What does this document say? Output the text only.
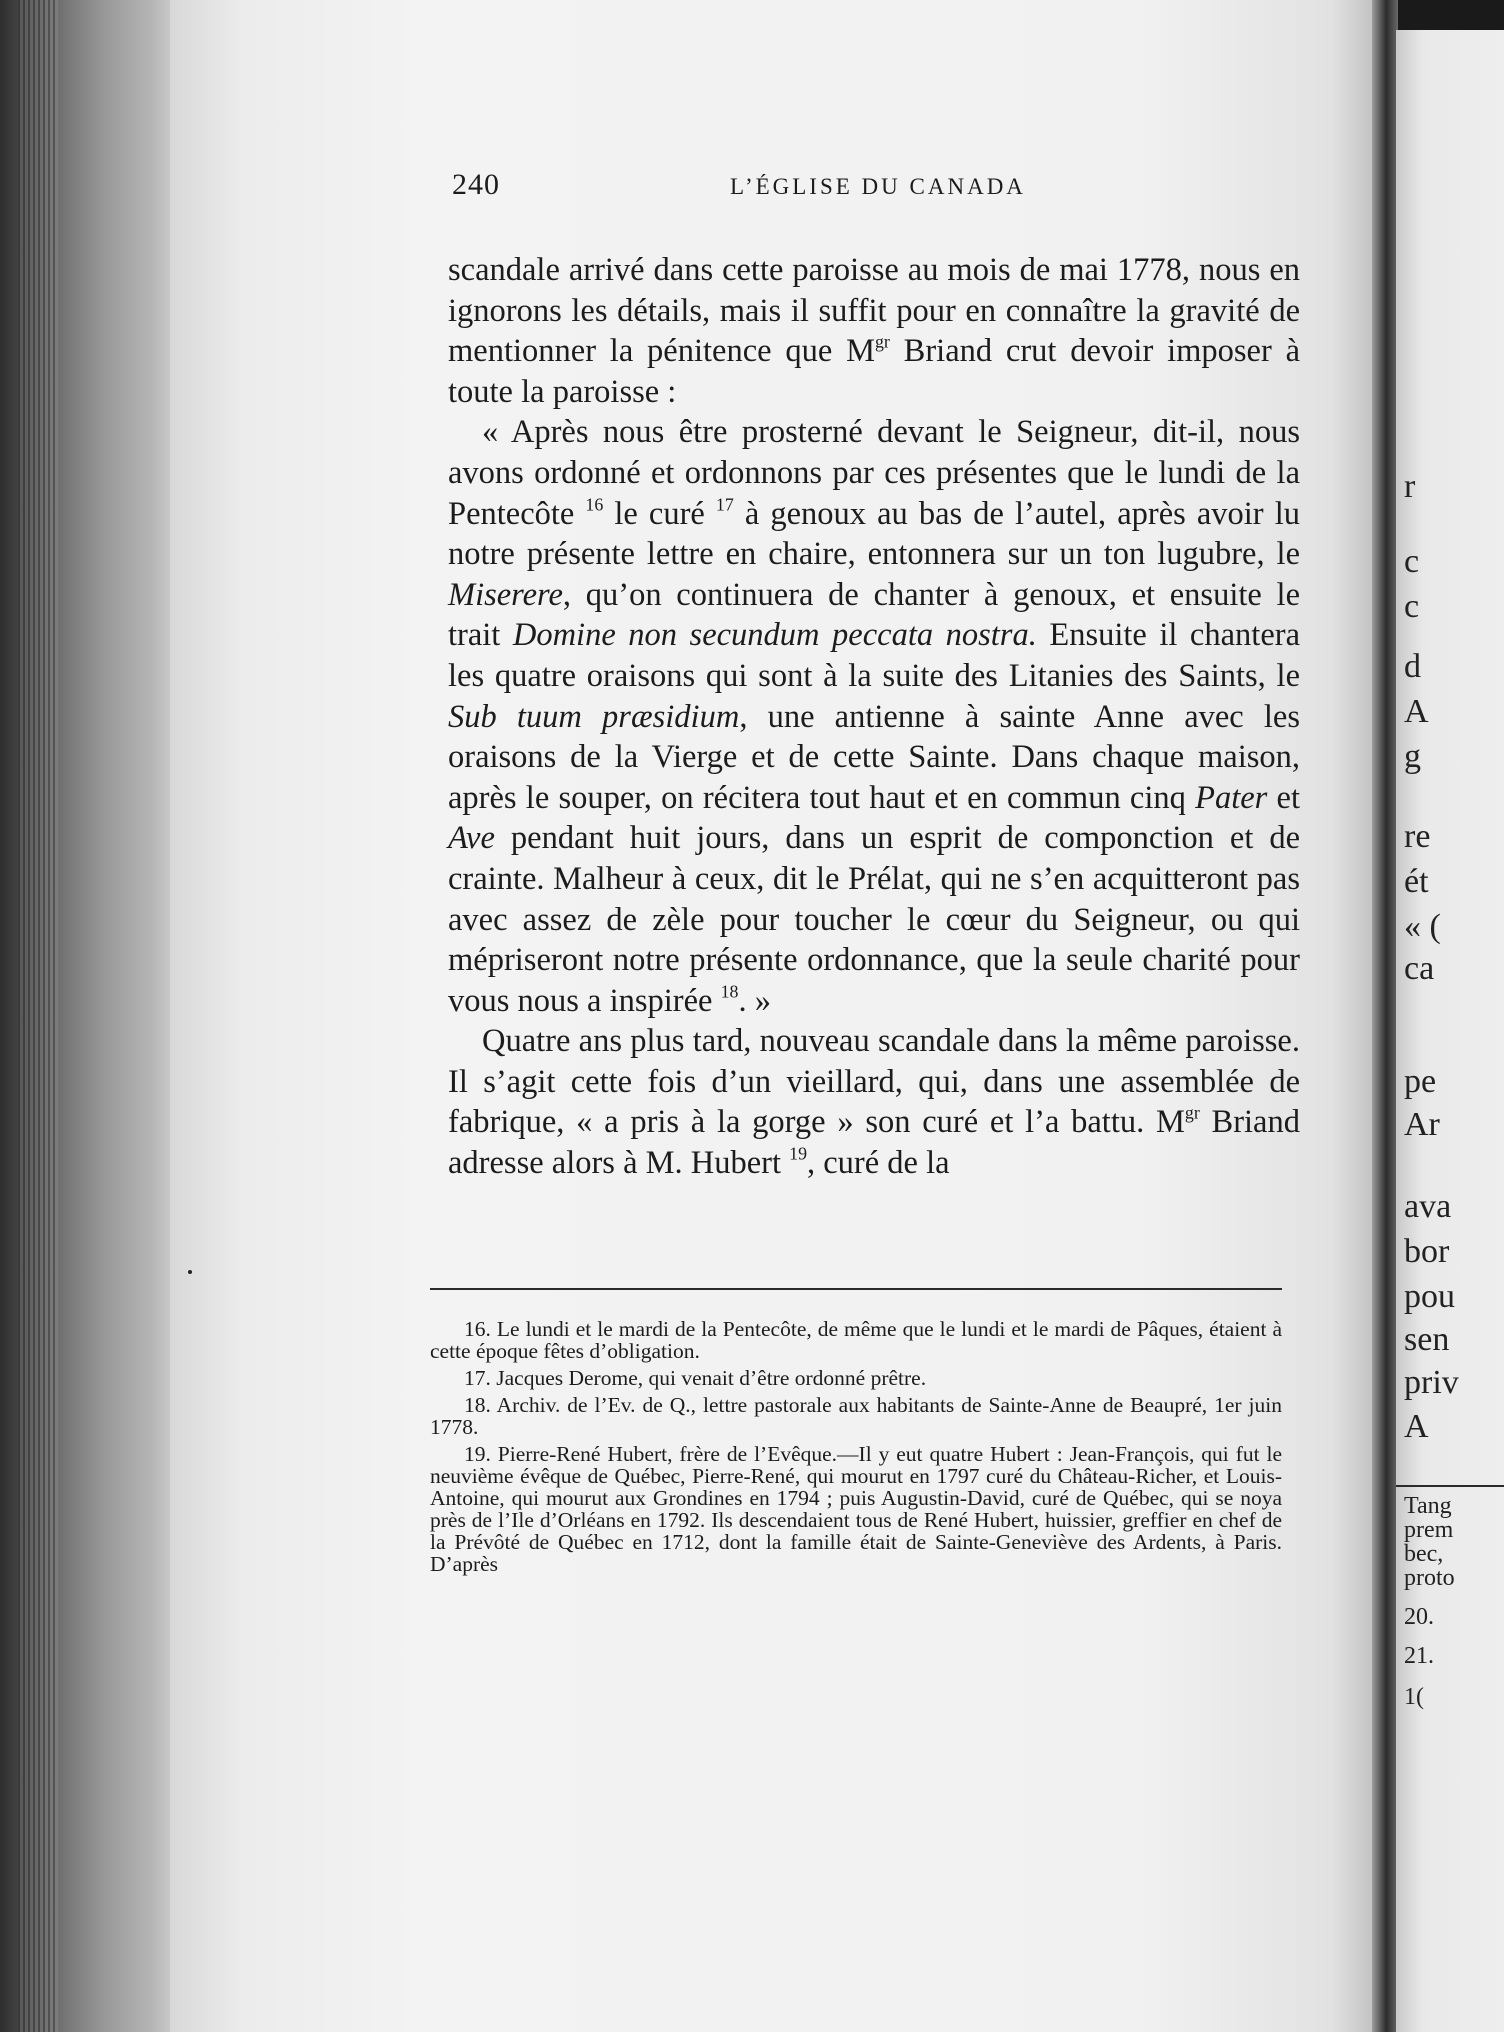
240	L’ÉGLISE DU CANADA

scandale arrivé dans cette paroisse au mois de mai 1778, nous en ignorons les détails, mais il suffit pour en connaître la gravité de mentionner la pénitence que $M^{gr}$ Briand crut devoir imposer à toute la paroisse :

« Après nous être prosterné devant le Seigneur, dit-il, nous avons ordonné et ordonnons par ces présentes que le lundi de la Pentecôte $^{16}$ le curé $^{17}$ à genoux au bas de l’autel, après avoir lu notre présente lettre en chaire, entonnera sur un ton lugubre, le Miserere, qu’on continuera de chanter à genoux, et ensuite le trait Domine non secundum peccata nostra. Ensuite il chantera les quatre oraisons qui sont à la suite des Litanies des Saints, le Sub tuum præsidium, une antienne à sainte Anne avec les oraisons de la Vierge et de cette Sainte. Dans chaque maison, après le souper, on récitera tout haut et en commun cinq Pater et Ave pendant huit jours, dans un esprit de componction et de crainte. Malheur à ceux, dit le Prélat, qui ne s’en acquitteront pas avec assez de zèle pour toucher le cœur du Seigneur, ou qui mépriseront notre présente ordonnance, que la seule charité pour vous nous a inspirée $^{18}$. »

Quatre ans plus tard, nouveau scandale dans la même paroisse. Il s’agit cette fois d’un vieillard, qui, dans une assemblée de fabrique, « a pris à la gorge » son curé et l’a battu. $M^{gr}$ Briand adresse alors à M. Hubert $^{19}$, curé de la

16. Le lundi et le mardi de la Pentecôte, de même que le lundi et le mardi de Pâques, étaient à cette époque fêtes d’obligation.

17. Jacques Derome, qui venait d’être ordonné prêtre.

18. Archiv. de l’Ev. de Q., lettre pastorale aux habitants de Sainte-Anne de Beaupré, 1er juin 1778.

19. Pierre-René Hubert, frère de l’Evêque.—Il y eut quatre Hubert : Jean-François, qui fut le neuvième évêque de Québec, Pierre-René, qui mourut en 1797 curé du Château-Richer, et Louis-Antoine, qui mourut aux Grondines en 1794 ; puis Augustin-David, curé de Québec, qui se noya près de l’Ile d’Orléans en 1792. Ils descendaient tous de René Hubert, huissier, greffier en chef de la Prévôté de Québec en 1712, dont la famille était de Sainte-Geneviève des Ardents, à Paris. D’après

r
c
c
d
A
g
re
ét
« (
ca
pe
Ar
ava
bor
pou
sen
priv
A
Tang
prem
bec,
proto
20.
21.
1(
